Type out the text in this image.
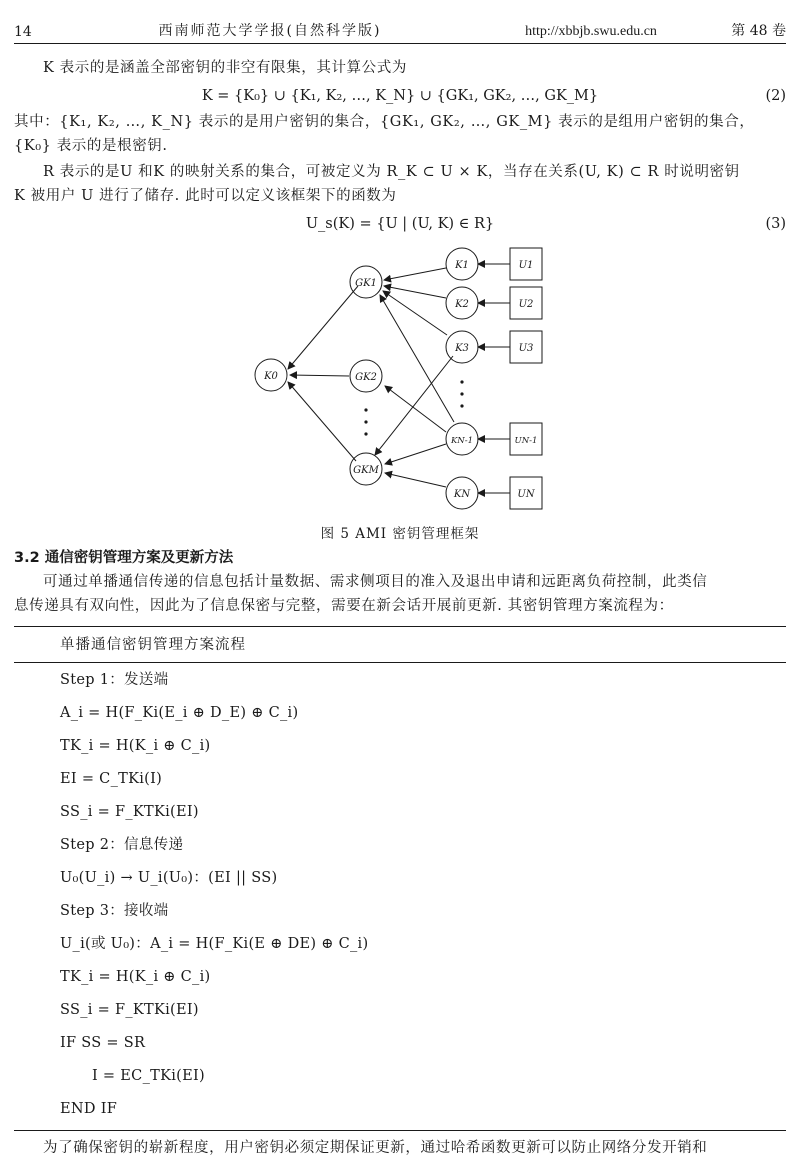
14	西南师范大学学报(自然科学版)	http://xbbjb.swu.edu.cn	第 48 卷
K 表示的是涵盖全部密钥的非空有限集，其计算公式为
K = {K₀} ∪ {K₁, K₂, …, K_N} ∪ {GK₁, GK₂, …, GK_M}	(2)
其中：{K₁, K₂, …, K_N} 表示的是用户密钥的集合，{GK₁, GK₂, …, GK_M} 表示的是组用户密钥的集合，
{K₀} 表示的是根密钥.
R 表示的是U 和K 的映射关系的集合，可被定义为 R_K ⊂ U × K，当存在关系(U, K) ⊂ R 时说明密钥
K 被用户 U 进行了储存. 此时可以定义该框架下的函数为
U_s(K) = {U | (U, K) ∈ R}	(3)
K0
GK1
GK2
GKM
K1
K2
K3
KN-1
KN
U1
U2
U3
UN-1
UN
图 5 AMI 密钥管理框架
3.2 通信密钥管理方案及更新方法
可通过单播通信传递的信息包括计量数据、需求侧项目的准入及退出申请和远距离负荷控制，此类信
息传递具有双向性，因此为了信息保密与完整，需要在新会话开展前更新. 其密钥管理方案流程为：
单播通信密钥管理方案流程
Step 1：发送端
A_i = H(F_Ki(E_i ⊕ D_E) ⊕ C_i)
TK_i = H(K_i ⊕ C_i)
EI = C_TKi(I)
SS_i = F_KTKi(EI)
Step 2：信息传递
U₀(U_i) → U_i(U₀)：(EI || SS)
Step 3：接收端
U_i(或 U₀)：A_i = H(F_Ki(E ⊕ DE) ⊕ C_i)
TK_i = H(K_i ⊕ C_i)
SS_i = F_KTKi(EI)
IF SS = SR
I = EC_TKi(EI)
END IF
为了确保密钥的崭新程度，用户密钥必须定期保证更新，通过哈希函数更新可以防止网络分发开销和
